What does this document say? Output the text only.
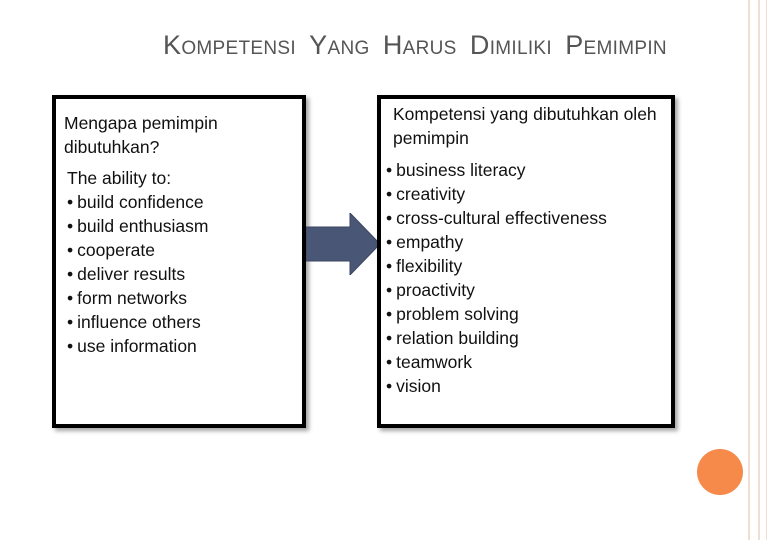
KOMPETENSI YANG HARUS DIMILIKI PEMIMPIN
Mengapa pemimpin dibutuhkan?
The ability to:
• build confidence
• build enthusiasm
• cooperate
• deliver results
• form networks
• influence others
• use information
Kompetensi yang dibutuhkan oleh pemimpin
• business literacy
• creativity
• cross-cultural effectiveness
• empathy
• flexibility
• proactivity
• problem solving
• relation building
• teamwork
• vision
